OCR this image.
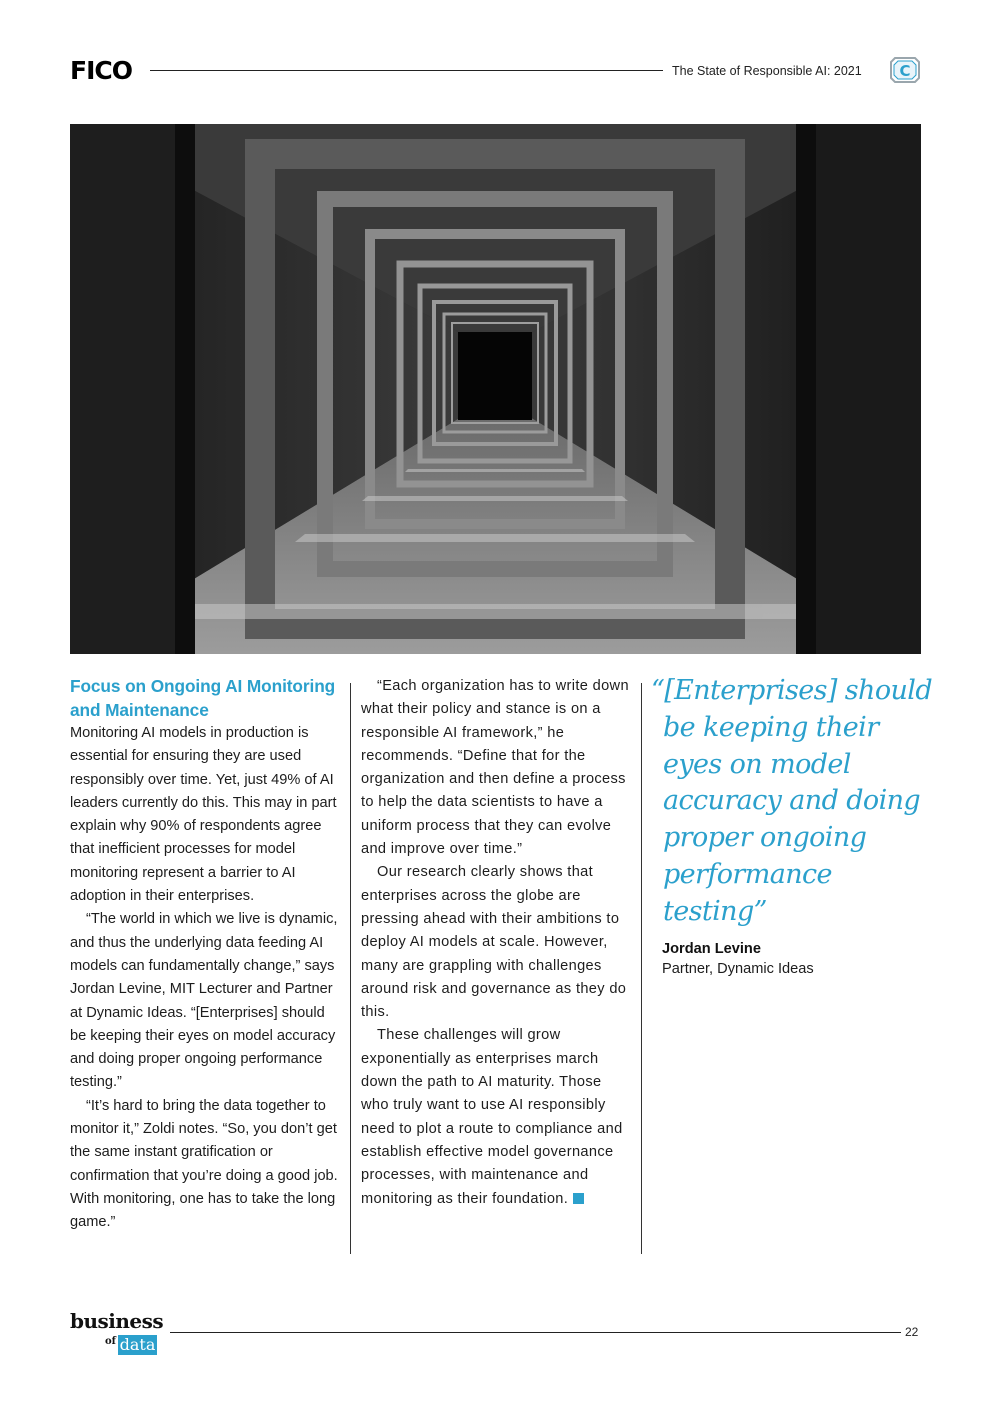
FICO	The State of Responsible AI: 2021	C
Focus on Ongoing AI Monitoring and Maintenance

Monitoring AI models in production is essential for ensuring they are used responsibly over time. Yet, just 49% of AI leaders currently do this. This may in part explain why 90% of respondents agree that inefficient processes for model monitoring represent a barrier to AI adoption in their enterprises.

“The world in which we live is dynamic, and thus the underlying data feeding AI models can fundamentally change,” says Jordan Levine, MIT Lecturer and Partner at Dynamic Ideas. “[Enterprises] should be keeping their eyes on model accuracy and doing proper ongoing performance testing.”

“It’s hard to bring the data together to monitor it,” Zoldi notes. “So, you don’t get the same instant gratification or confirmation that you’re doing a good job. With monitoring, one has to take the long game.”

“Each organization has to write down what their policy and stance is on a responsible AI framework,” he recommends. “Define that for the organization and then define a process to help the data scientists to have a uniform process that they can evolve and improve over time.”

Our research clearly shows that enterprises across the globe are pressing ahead with their ambitions to deploy AI models at scale. However, many are grappling with challenges around risk and governance as they do this.

These challenges will grow exponentially as enterprises march down the path to AI maturity. Those who truly want to use AI responsibly need to plot a route to compliance and establish effective model governance processes, with maintenance and monitoring as their foundation.

“[Enterprises] should be keeping their eyes on model accuracy and doing proper ongoing performance testing”
Jordan Levine
Partner, Dynamic Ideas
business
of data
22
